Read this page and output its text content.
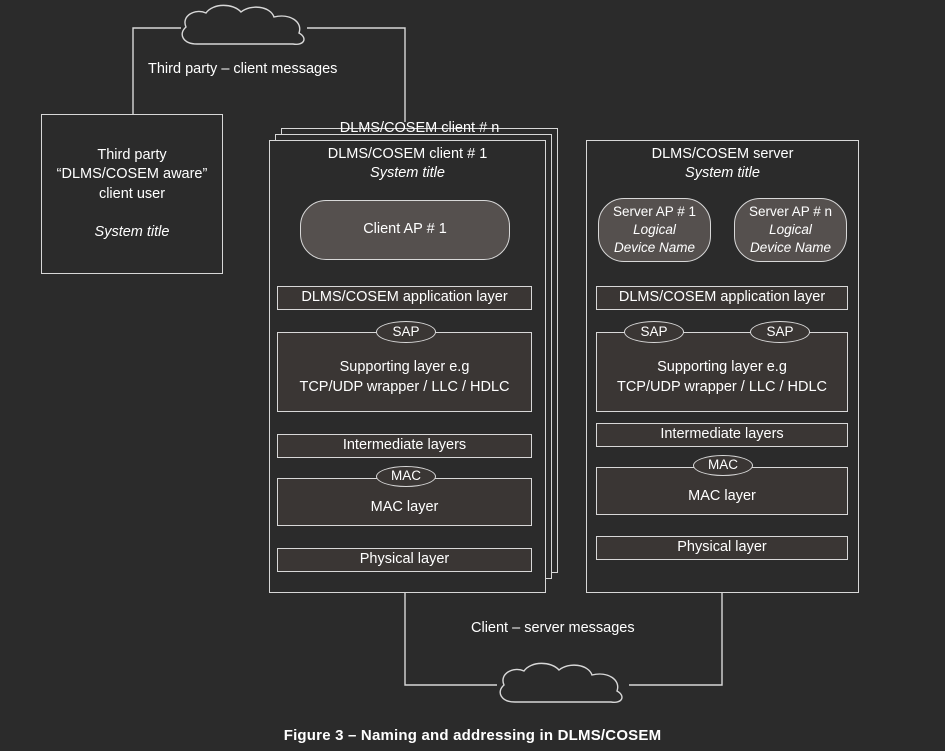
Third party – client messages
Third party
“DLMS/COSEM aware”
client user
System title
DLMS/COSEM client # n
DLMS/COSEM client # 1
System title
Client AP # 1
DLMS/COSEM application layer
SAP
Supporting layer e.g
TCP/UDP wrapper / LLC / HDLC
Intermediate layers
MAC
MAC layer
Physical layer
DLMS/COSEM server
System title
Server AP # 1
Logical
Device Name
Server AP # n
Logical
Device Name
DLMS/COSEM application layer
SAP	SAP
Supporting layer e.g
TCP/UDP wrapper / LLC / HDLC
Intermediate layers
MAC
MAC layer
Physical layer
Client – server messages
Figure 3 – Naming and addressing in DLMS/COSEM
